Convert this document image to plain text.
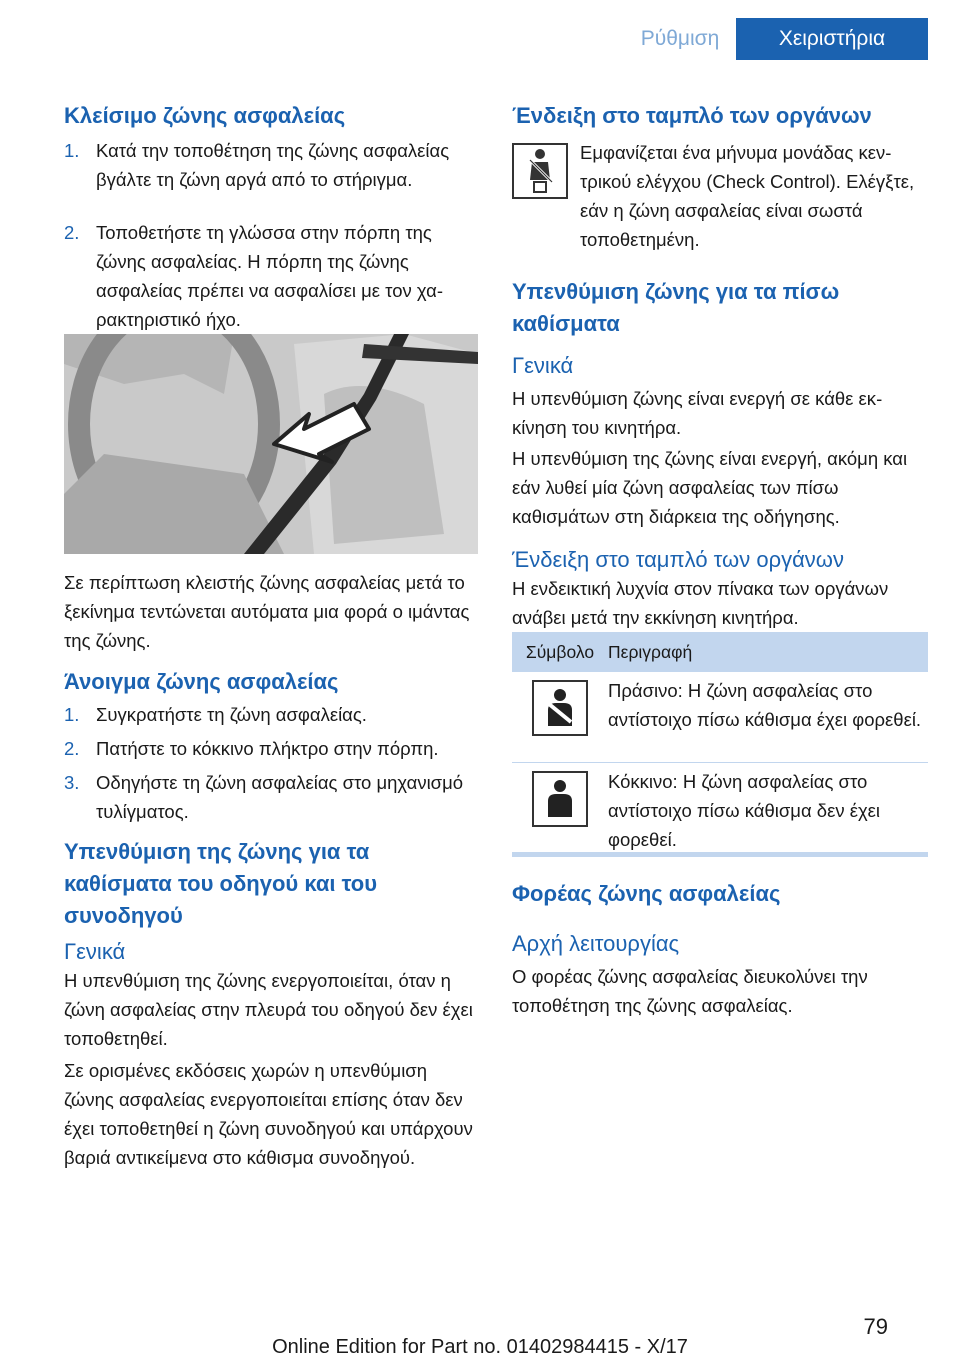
Ρύθμιση	Χειριστήρια
Κλείσιμο ζώνης ασφαλείας
1. Κατά την τοποθέτηση της ζώνης ασφαλείας βγάλτε τη ζώνη αργά από το στήριγμα.
2. Τοποθετήστε τη γλώσσα στην πόρπη της ζώνης ασφαλείας. Η πόρπη της ζώνης ασφαλείας πρέπει να ασφαλίσει με τον χαρακτηριστικό ήχο.

Σε περίπτωση κλειστής ζώνης ασφαλείας μετά το ξεκίνημα τεντώνεται αυτόματα μια φορά ο ιμάντας της ζώνης.

Άνοιγμα ζώνης ασφαλείας
1. Συγκρατήστε τη ζώνη ασφαλείας.
2. Πατήστε το κόκκινο πλήκτρο στην πόρπη.
3. Οδηγήστε τη ζώνη ασφαλείας στο μηχανισμό τυλίγματος.
Υπενθύμιση της ζώνης για τα καθίσματα του οδηγού και του συνοδηγού
Γενικά

Η υπενθύμιση της ζώνης ενεργοποιείται, όταν η ζώνη ασφαλείας στην πλευρά του οδηγού δεν έχει τοποθετηθεί.

Σε ορισμένες εκδόσεις χωρών η υπενθύμιση ζώνης ασφαλείας ενεργοποιείται επίσης όταν δεν έχει τοποθετηθεί η ζώνη συνοδηγού και υπάρχουν βαριά αντικείμενα στο κάθισμα συνοδηγού.

Ένδειξη στο ταμπλό των οργάνων

Εμφανίζεται ένα μήνυμα μονάδας κεντρικού ελέγχου (Check Control). Ελέγξτε, εάν η ζώνη ασφαλείας είναι σωστά τοποθετημένη.

Υπενθύμιση ζώνης για τα πίσω καθίσματα
Γενικά

Η υπενθύμιση ζώνης είναι ενεργή σε κάθε εκκίνηση του κινητήρα.

Η υπενθύμιση της ζώνης είναι ενεργή, ακόμη και εάν λυθεί μία ζώνη ασφαλείας των πίσω καθισμάτων στη διάρκεια της οδήγησης.

Ένδειξη στο ταμπλό των οργάνων

Η ενδεικτική λυχνία στον πίνακα των οργάνων ανάβει μετά την εκκίνηση κινητήρα.

Σύμβολο Περιγραφή
Πράσινο: Η ζώνη ασφαλείας στο αντίστοιχο πίσω κάθισμα έχει φορεθεί.
Κόκκινο: Η ζώνη ασφαλείας στο αντίστοιχο πίσω κάθισμα δεν έχει φορεθεί.
Φορέας ζώνης ασφαλείας
Αρχή λειτουργίας

Ο φορέας ζώνης ασφαλείας διευκολύνει την τοποθέτηση της ζώνης ασφαλείας.

79
Online Edition for Part no. 01402984415 - X/17
